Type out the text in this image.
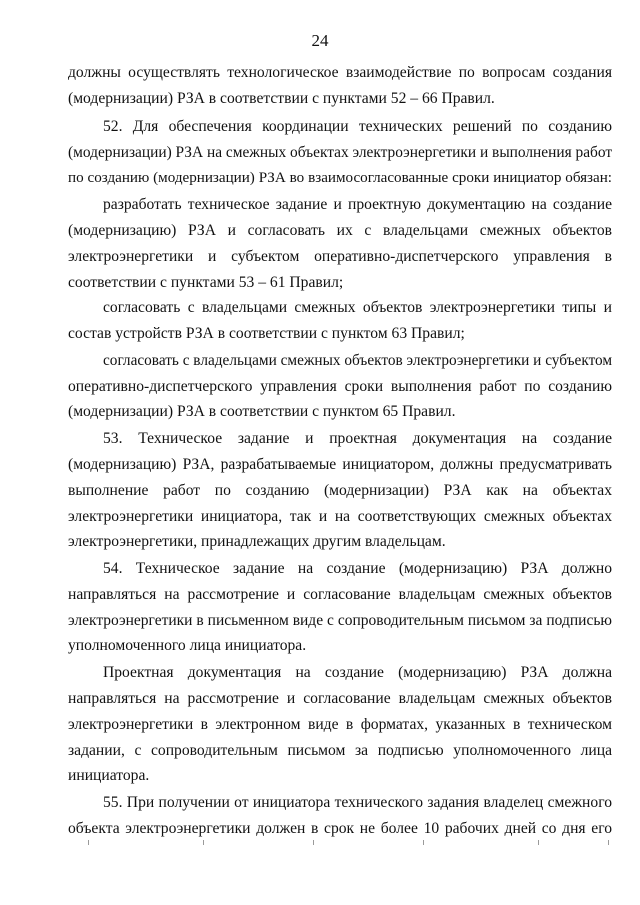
24
должны осуществлять технологическое взаимодействие по вопросам создания
(модернизации) РЗА в соответствии с пунктами 52 – 66 Правил.
52. Для обеспечения координации технических решений по созданию
(модернизации) РЗА на смежных объектах электроэнергетики и выполнения работ
по созданию (модернизации) РЗА во взаимосогласованные сроки инициатор обязан:
разработать техническое задание и проектную документацию на создание
(модернизацию) РЗА и согласовать их с владельцами смежных объектов
электроэнергетики и субъектом оперативно-диспетчерского управления в
соответствии с пунктами 53 – 61 Правил;
согласовать с владельцами смежных объектов электроэнергетики типы и
состав устройств РЗА в соответствии с пунктом 63 Правил;
согласовать с владельцами смежных объектов электроэнергетики и субъектом
оперативно-диспетчерского управления сроки выполнения работ по созданию
(модернизации) РЗА в соответствии с пунктом 65 Правил.
53. Техническое задание и проектная документация на создание
(модернизацию) РЗА, разрабатываемые инициатором, должны предусматривать
выполнение работ по созданию (модернизации) РЗА как на объектах
электроэнергетики инициатора, так и на соответствующих смежных объектах
электроэнергетики, принадлежащих другим владельцам.
54. Техническое задание на создание (модернизацию) РЗА должно
направляться на рассмотрение и согласование владельцам смежных объектов
электроэнергетики в письменном виде с сопроводительным письмом за подписью
уполномоченного лица инициатора.
Проектная документация на создание (модернизацию) РЗА должна
направляться на рассмотрение и согласование владельцам смежных объектов
электроэнергетики в электронном виде в форматах, указанных в техническом
задании, с сопроводительным письмом за подписью уполномоченного лица
инициатора.
55. При получении от инициатора технического задания владелец смежного
объекта электроэнергетики должен в срок не более 10 рабочих дней со дня его
